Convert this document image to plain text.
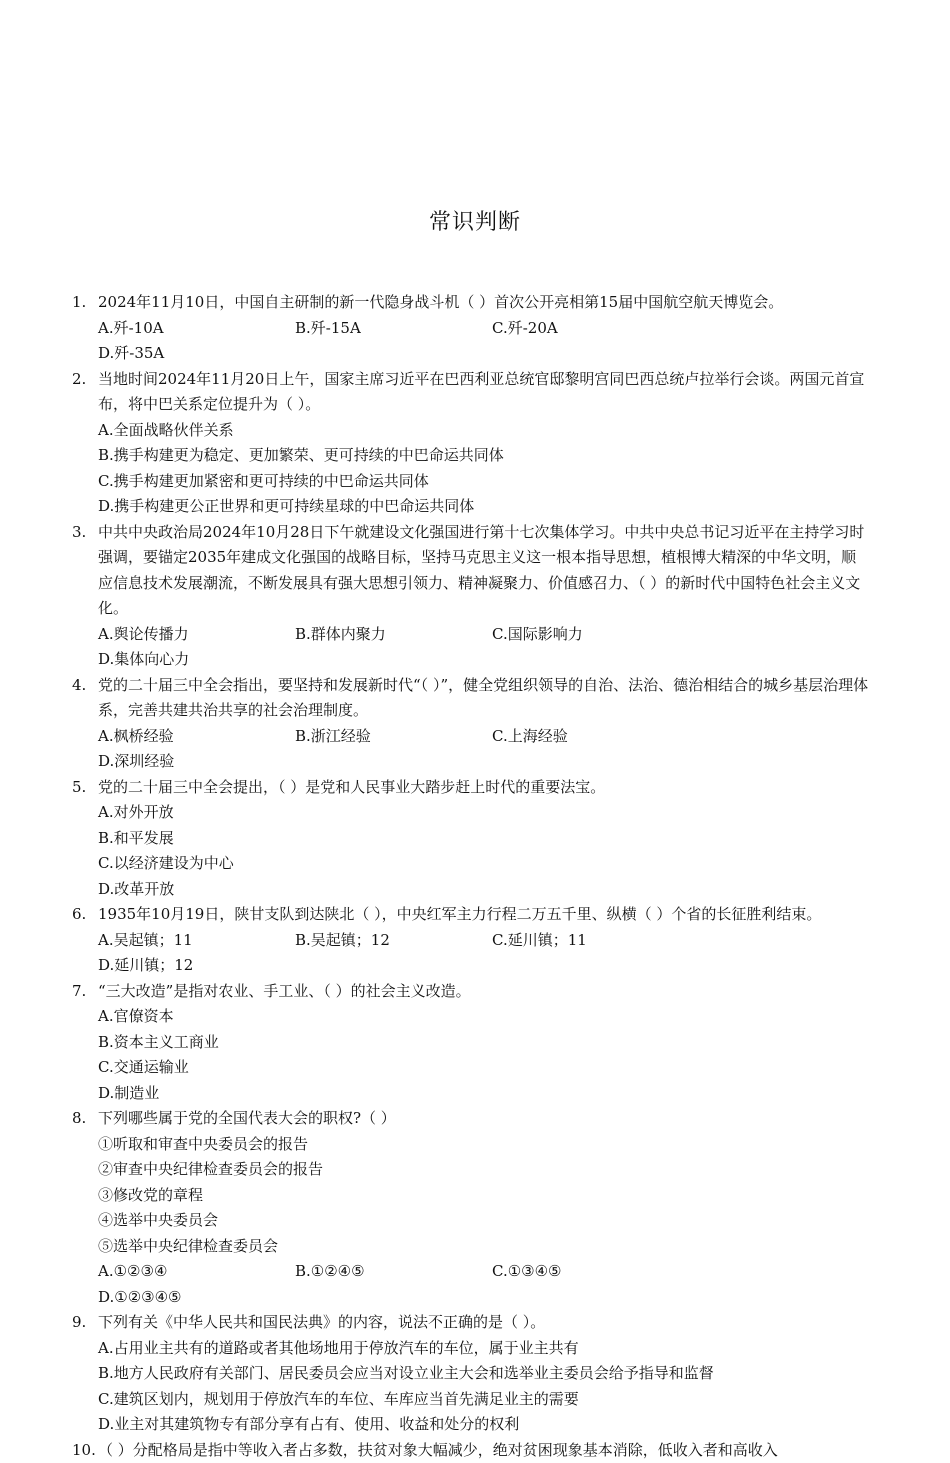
常识判断
1. 2024年11月10日，中国自主研制的新一代隐身战斗机（ ）首次公开亮相第15届中国航空航天博览会。
A.歼-10A	B.歼-15A	C.歼-20A
D.歼-35A
2. 当地时间2024年11月20日上午，国家主席习近平在巴西利亚总统官邸黎明宫同巴西总统卢拉举行会谈。两国元首宣布，将中巴关系定位提升为（ ）。
A.全面战略伙伴关系
B.携手构建更为稳定、更加繁荣、更可持续的中巴命运共同体
C.携手构建更加紧密和更可持续的中巴命运共同体
D.携手构建更公正世界和更可持续星球的中巴命运共同体
3. 中共中央政治局2024年10月28日下午就建设文化强国进行第十七次集体学习。中共中央总书记习近平在主持学习时强调，要锚定2035年建成文化强国的战略目标，坚持马克思主义这一根本指导思想，植根博大精深的中华文明，顺应信息技术发展潮流，不断发展具有强大思想引领力、精神凝聚力、价值感召力、（ ）的新时代中国特色社会主义文化。
A.舆论传播力	B.群体内聚力	C.国际影响力
D.集体向心力
4. 党的二十届三中全会指出，要坚持和发展新时代“（ ）”，健全党组织领导的自治、法治、德治相结合的城乡基层治理体系，完善共建共治共享的社会治理制度。
A.枫桥经验	B.浙江经验	C.上海经验
D.深圳经验
5. 党的二十届三中全会提出，（ ）是党和人民事业大踏步赶上时代的重要法宝。
A.对外开放
B.和平发展
C.以经济建设为中心
D.改革开放
6. 1935年10月19日，陕甘支队到达陕北（ ），中央红军主力行程二万五千里、纵横（ ）个省的长征胜利结束。
A.吴起镇；11	B.吴起镇；12	C.延川镇；11
D.延川镇；12
7. “三大改造”是指对农业、手工业、（ ）的社会主义改造。
A.官僚资本
B.资本主义工商业
C.交通运输业
D.制造业
8. 下列哪些属于党的全国代表大会的职权?（ ）
①听取和审查中央委员会的报告
②审查中央纪律检查委员会的报告
③修改党的章程
④选举中央委员会
⑤选举中央纪律检查委员会
A.①②③④	B.①②④⑤	C.①③④⑤
D.①②③④⑤
9. 下列有关《中华人民共和国民法典》的内容，说法不正确的是（ ）。
A.占用业主共有的道路或者其他场地用于停放汽车的车位，属于业主共有
B.地方人民政府有关部门、居民委员会应当对设立业主大会和选举业主委员会给予指导和监督
C.建筑区划内，规划用于停放汽车的车位、车库应当首先满足业主的需要
D.业主对其建筑物专有部分享有占有、使用、收益和处分的权利
10. （ ）分配格局是指中等收入者占多数，扶贫对象大幅减少，绝对贫困现象基本消除，低收入者和高收入
